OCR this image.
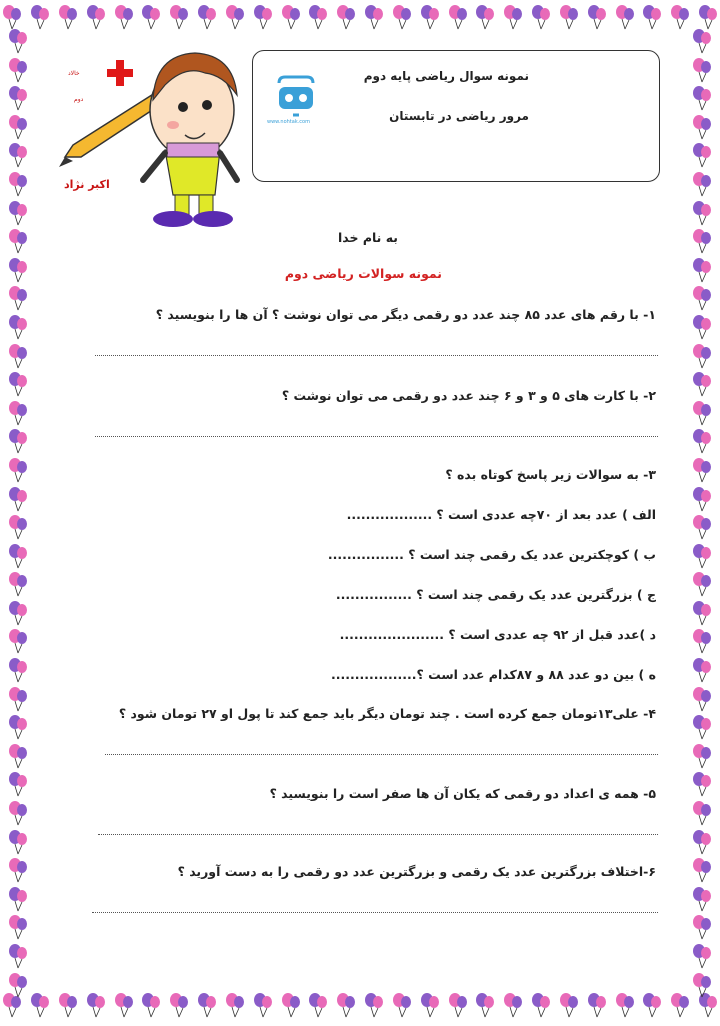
خالاد
دوم
اکبر نژاد
نمونه سوال ریاضی پایه دوم
مرور ریاضی در تابستان
www.nohtak.com
به نام خدا
نمونه سوالات ریاضی دوم
۱- با رقم های عدد ۸۵ چند عدد دو رقمی دیگر می توان نوشت ؟ آن ها را بنویسید ؟
۲- با کارت های ۵ و ۳ و ۶ چند عدد دو رقمی می توان نوشت ؟
۳- به سوالات زیر پاسخ کوتاه بده ؟
الف ) عدد بعد از ۷۰چه عددی است ؟ ..................
ب ) کوچکترین عدد یک رقمی چند است ؟ ................
ج ) بزرگترین عدد یک رقمی چند است ؟ ................
د )عدد قبل از ۹۲ چه عددی است ؟ ......................
ه ) بین دو عدد ۸۸ و ۸۷کدام عدد است ؟..................
۴- علی۱۳تومان جمع کرده است . چند تومان دیگر باید جمع کند تا پول او ۲۷ تومان شود ؟
۵- همه ی اعداد دو رقمی که یکان آن ها صفر است را بنویسید ؟
۶-اختلاف بزرگترین عدد یک رقمی و بزرگترین عدد دو رقمی را به دست آورید ؟
